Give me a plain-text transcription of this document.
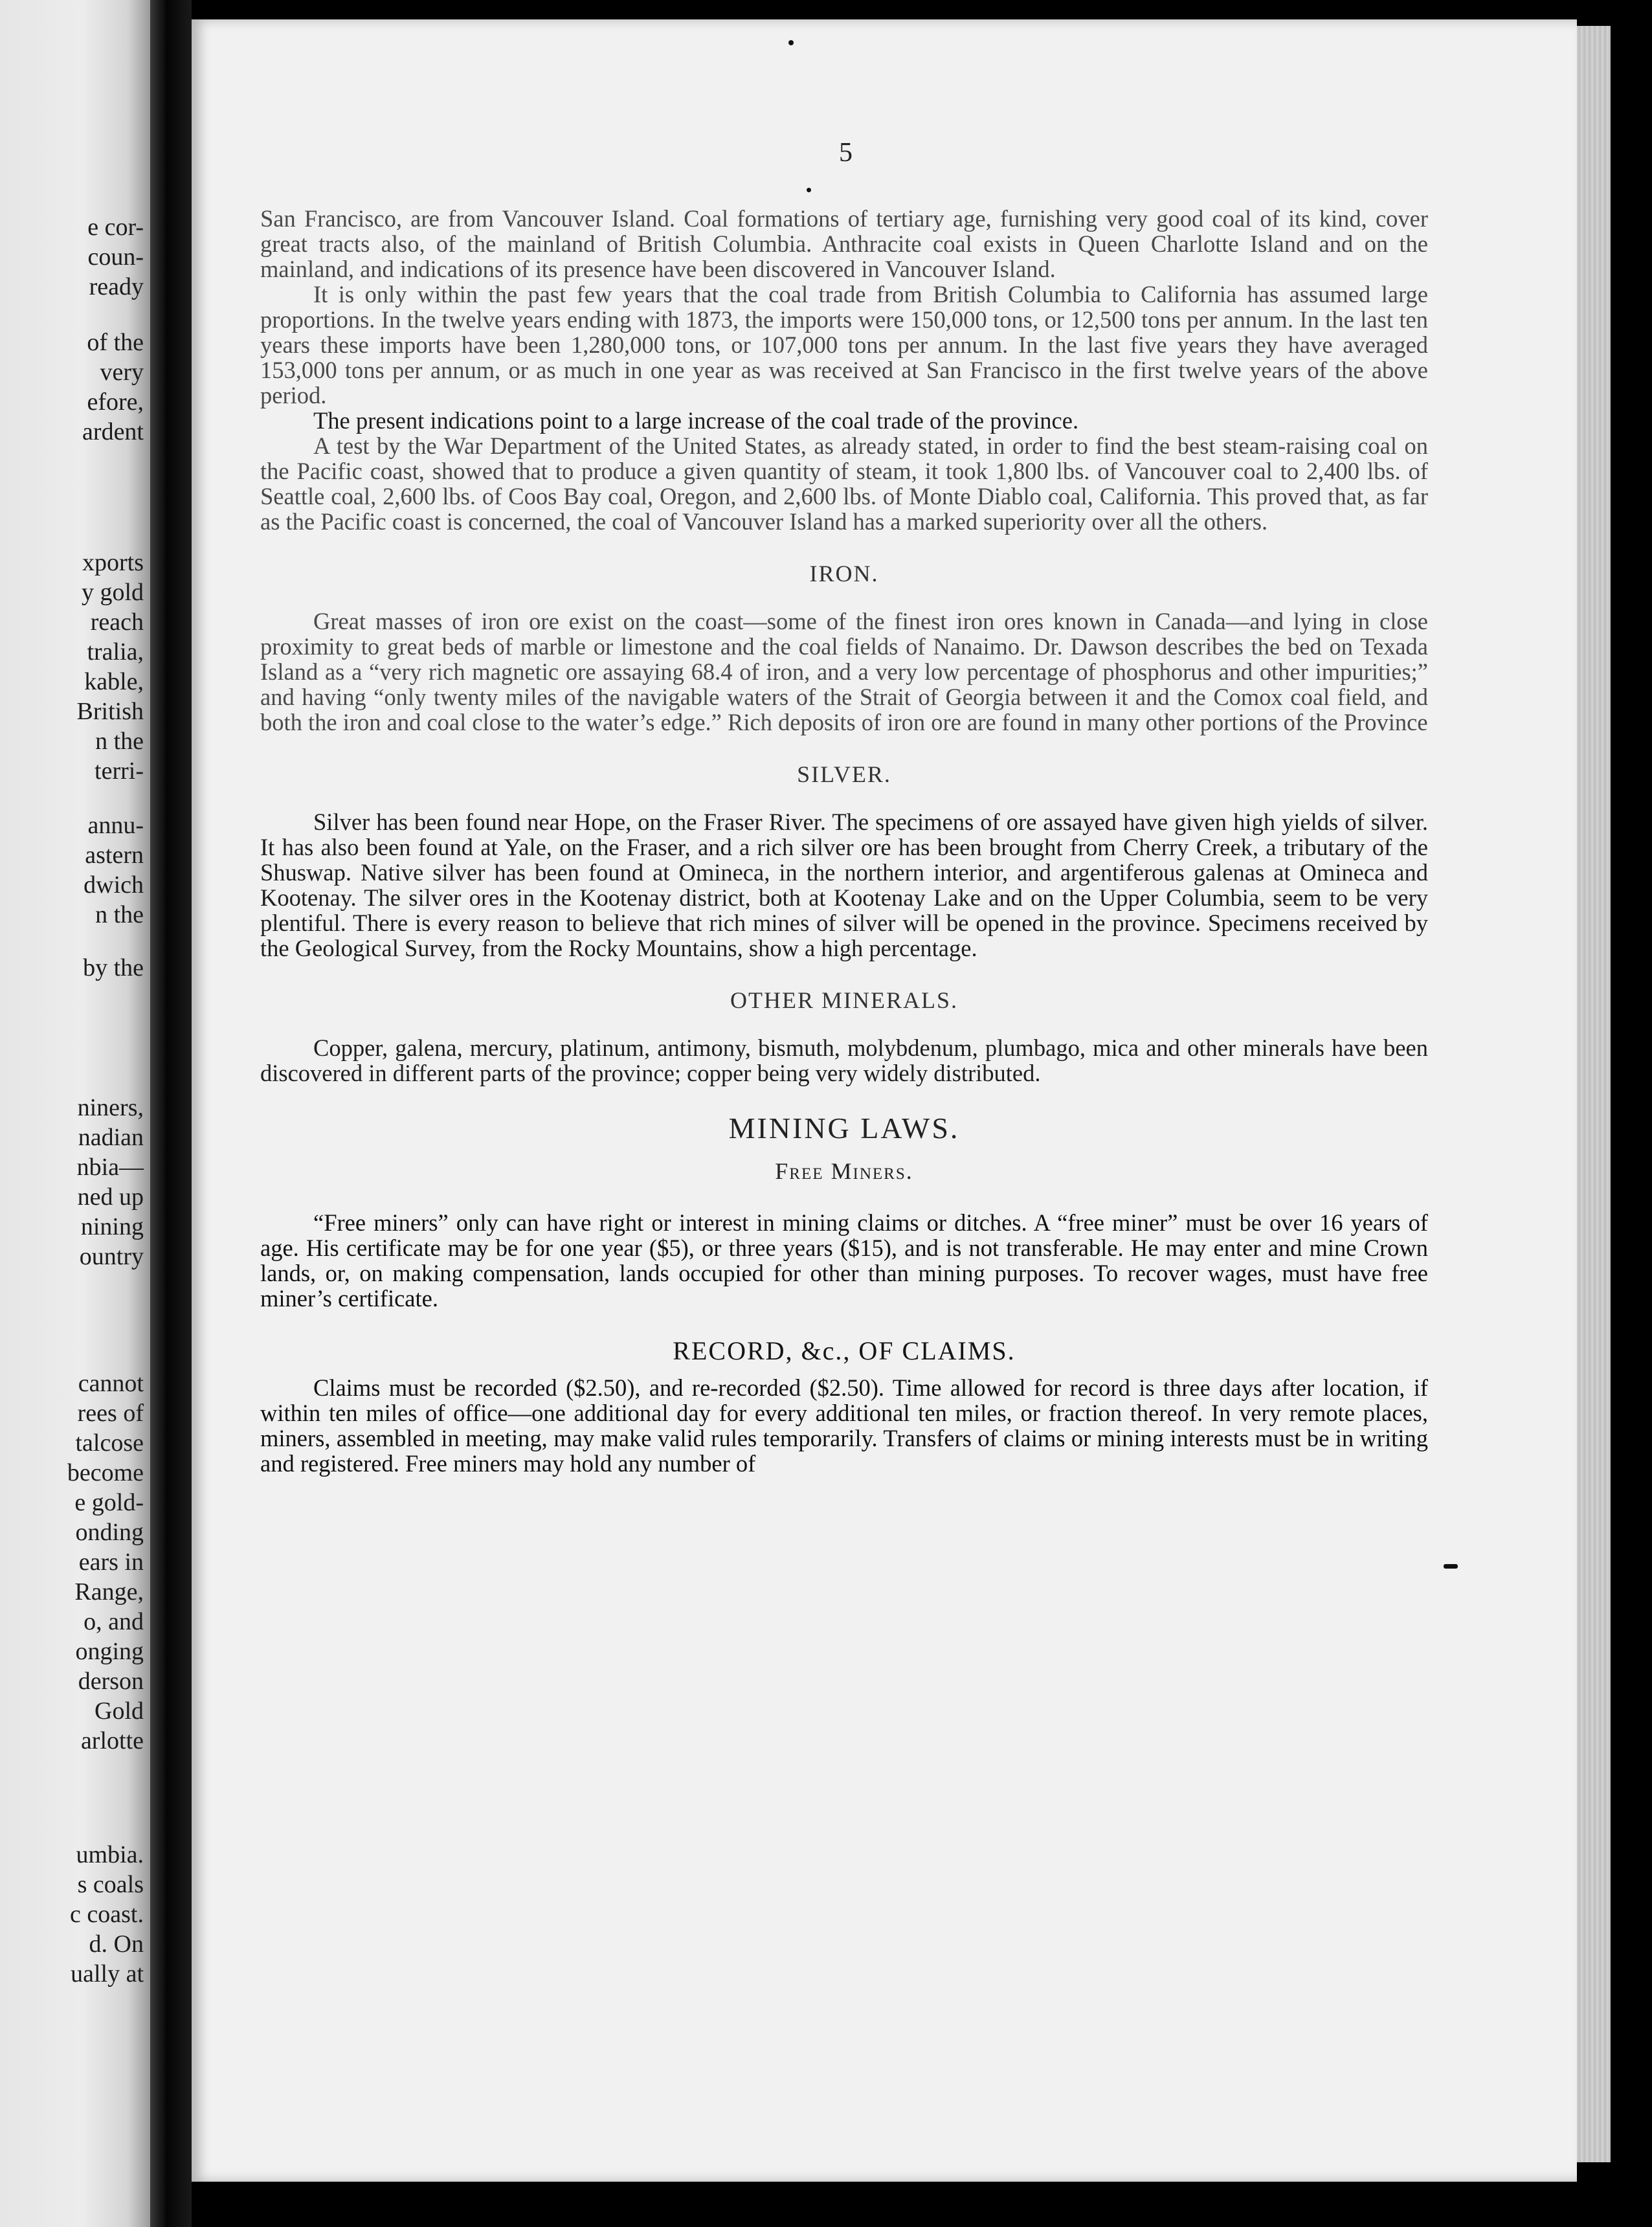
e cor-
coun-
ready
of the
very
efore,
ardent
xports
y gold
reach
tralia,
kable,
British
n the
terri-
annu-
astern
dwich
n the
by the
niners,
nadian
nbia—
ned up
nining
ountry
cannot
rees of
talcose
become
e gold-
onding
ears in
Range,
o, and
onging
derson
Gold
arlotte
umbia.
s coals
c coast.
d. On
ually at
5

San Francisco, are from Vancouver Island. Coal formations of tertiary age, furnishing very good coal of its kind, cover great tracts also, of the mainland of British Columbia. Anthracite coal exists in Queen Charlotte Island and on the mainland, and indications of its presence have been discovered in Vancouver Island.

It is only within the past few years that the coal trade from British Columbia to California has assumed large proportions. In the twelve years ending with 1873, the imports were 150,000 tons, or 12,500 tons per annum. In the last ten years these imports have been 1,280,000 tons, or 107,000 tons per annum. In the last five years they have averaged 153,000 tons per annum, or as much in one year as was received at San Francisco in the first twelve years of the above period.

The present indications point to a large increase of the coal trade of the province.

A test by the War Department of the United States, as already stated, in order to find the best steam-raising coal on the Pacific coast, showed that to produce a given quantity of steam, it took 1,800 lbs. of Vancouver coal to 2,400 lbs. of Seattle coal, 2,600 lbs. of Coos Bay coal, Oregon, and 2,600 lbs. of Monte Diablo coal, California. This proved that, as far as the Pacific coast is concerned, the coal of Vancouver Island has a marked superiority over all the others.

IRON.

Great masses of iron ore exist on the coast—some of the finest iron ores known in Canada—and lying in close proximity to great beds of marble or limestone and the coal fields of Nanaimo. Dr. Dawson describes the bed on Texada Island as a “very rich magnetic ore assaying 68.4 of iron, and a very low percentage of phosphorus and other impurities;” and having “only twenty miles of the navigable waters of the Strait of Georgia between it and the Comox coal field, and both the iron and coal close to the water’s edge.” Rich deposits of iron ore are found in many other portions of the Province

SILVER.

Silver has been found near Hope, on the Fraser River. The specimens of ore assayed have given high yields of silver. It has also been found at Yale, on the Fraser, and a rich silver ore has been brought from Cherry Creek, a tributary of the Shuswap. Native silver has been found at Omineca, in the northern interior, and argentiferous galenas at Omineca and Kootenay. The silver ores in the Kootenay district, both at Kootenay Lake and on the Upper Columbia, seem to be very plentiful. There is every reason to believe that rich mines of silver will be opened in the province. Specimens received by the Geological Survey, from the Rocky Mountains, show a high percentage.

OTHER MINERALS.

Copper, galena, mercury, platinum, antimony, bismuth, molybdenum, plumbago, mica and other minerals have been discovered in different parts of the province; copper being very widely distributed.

MINING LAWS.
Free Miners.

“Free miners” only can have right or interest in mining claims or ditches. A “free miner” must be over 16 years of age. His certificate may be for one year ($5), or three years ($15), and is not transferable. He may enter and mine Crown lands, or, on making compensation, lands occupied for other than mining purposes. To recover wages, must have free miner’s certificate.

RECORD, &c., OF CLAIMS.

Claims must be recorded ($2.50), and re-recorded ($2.50). Time allowed for record is three days after location, if within ten miles of office—one additional day for every additional ten miles, or fraction thereof. In very remote places, miners, assembled in meeting, may make valid rules temporarily. Transfers of claims or mining interests must be in writing and registered. Free miners may hold any number of
